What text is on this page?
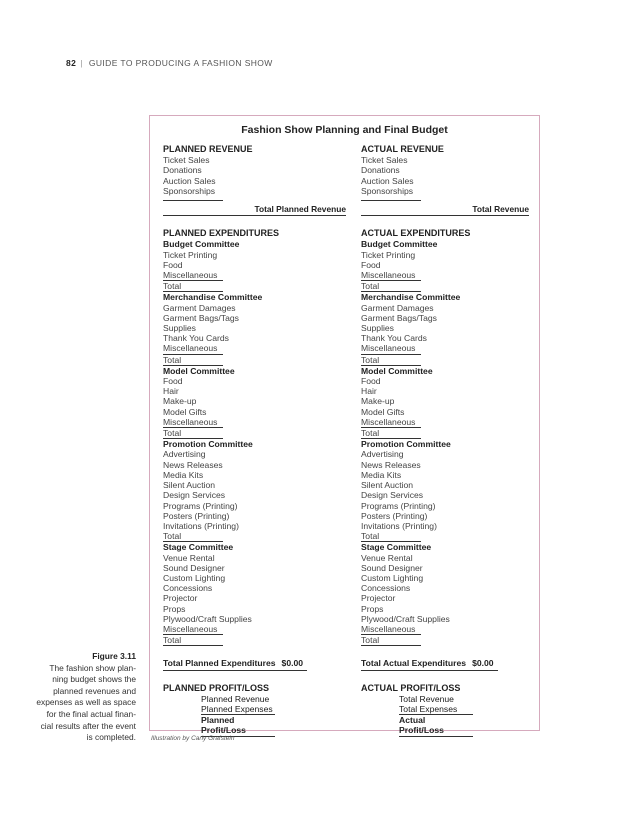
82 | GUIDE TO PRODUCING A FASHION SHOW
Figure 3.11
The fashion show plan-
ning budget shows the
planned revenues and
expenses as well as space
for the final actual finan-
cial results after the event
is completed.
Fashion Show Planning and Final Budget
PLANNED REVENUE
Ticket Sales
Donations
Auction Sales
Sponsorships
Total Planned Revenue
PLANNED EXPENDITURES
Budget Committee
Ticket Printing
Food
Miscellaneous
Total
Merchandise Committee
Garment Damages
Garment Bags/Tags
Supplies
Thank You Cards
Miscellaneous
Total
Model Committee
Food
Hair
Make-up
Model Gifts
Miscellaneous
Total
Promotion Committee
Advertising
News Releases
Media Kits
Silent Auction
Design Services
Programs (Printing)
Posters (Printing)
Invitations (Printing)
Total
Stage Committee
Venue Rental
Sound Designer
Custom Lighting
Concessions
Projector
Props
Plywood/Craft Supplies
Miscellaneous
Total
Total Planned Expenditures $0.00
PLANNED PROFIT/LOSS
Planned Revenue
Planned Expenses
Planned
Profit/Loss
ACTUAL REVENUE
Ticket Sales
Donations
Auction Sales
Sponsorships
Total Revenue
ACTUAL EXPENDITURES
Budget Committee
Ticket Printing
Food
Miscellaneous
Total
Merchandise Committee
Garment Damages
Garment Bags/Tags
Supplies
Thank You Cards
Miscellaneous
Total
Model Committee
Food
Hair
Make-up
Model Gifts
Miscellaneous
Total
Promotion Committee
Advertising
News Releases
Media Kits
Silent Auction
Design Services
Programs (Printing)
Posters (Printing)
Invitations (Printing)
Total
Stage Committee
Venue Rental
Sound Designer
Custom Lighting
Concessions
Projector
Props
Plywood/Craft Supplies
Miscellaneous
Total
Total Actual Expenditures $0.00
ACTUAL PROFIT/LOSS
Total Revenue
Total Expenses
Actual
Profit/Loss
Illustration by Carly Grafstein
